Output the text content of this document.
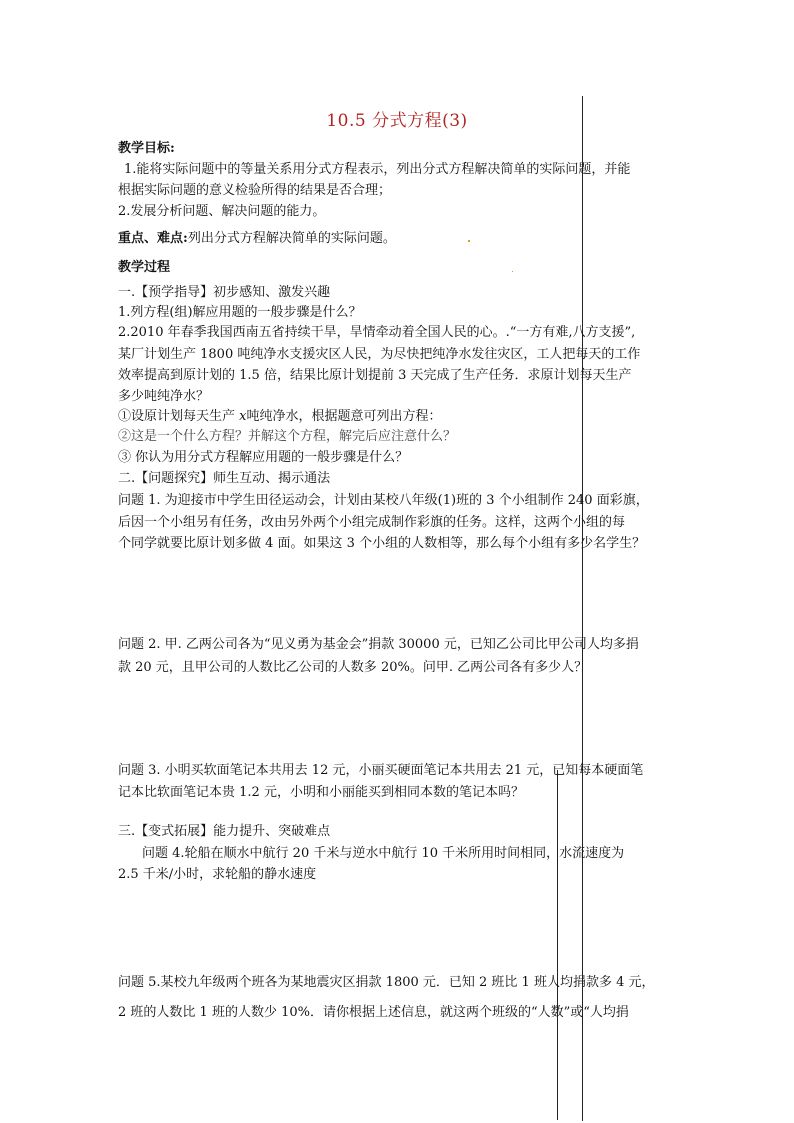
10.5 分式方程(3)
教学目标:
1.能将实际问题中的等量关系用分式方程表示，列出分式方程解决简单的实际问题，并能
根据实际问题的意义检验所得的结果是否合理；
2.发展分析问题、解决问题的能力。
重点、难点:列出分式方程解决简单的实际问题。
教学过程
一.【预学指导】初步感知、激发兴趣
1.列方程(组)解应用题的一般步骤是什么？
2.2010 年春季我国西南五省持续干旱，旱情牵动着全国人民的心。.“一方有难,八方支援”,
某厂计划生产 1800 吨纯净水支援灾区人民，为尽快把纯净水发往灾区，工人把每天的工作
效率提高到原计划的 1.5 倍，结果比原计划提前 3 天完成了生产任务．求原计划每天生产
多少吨纯净水？
①设原计划每天生产 x吨纯净水，根据题意可列出方程：
②这是一个什么方程？并解这个方程，解完后应注意什么？
③ 你认为用分式方程解应用题的一般步骤是什么？
二.【问题探究】师生互动、揭示通法
问题 1. 为迎接市中学生田径运动会，计划由某校八年级(1)班的 3 个小组制作 240 面彩旗，
后因一个小组另有任务，改由另外两个小组完成制作彩旗的任务。这样，这两个小组的每
个同学就要比原计划多做 4 面。如果这 3 个小组的人数相等，那么每个小组有多少名学生？
问题 2. 甲. 乙两公司各为“见义勇为基金会”捐款 30000 元，已知乙公司比甲公司人均多捐
款 20 元，且甲公司的人数比乙公司的人数多 20%。问甲. 乙两公司各有多少人？
问题 3. 小明买软面笔记本共用去 12 元，小丽买硬面笔记本共用去 21 元，已知每本硬面笔
记本比软面笔记本贵 1.2 元，小明和小丽能买到相同本数的笔记本吗？
三.【变式拓展】能力提升、突破难点
问题 4.轮船在顺水中航行 20 千米与逆水中航行 10 千米所用时间相同，水流速度为
2.5 千米/小时，求轮船的静水速度
问题 5.某校九年级两个班各为某地震灾区捐款 1800 元．已知 2 班比 1 班人均捐款多 4 元，
2 班的人数比 1 班的人数少 10%．请你根据上述信息，就这两个班级的“人数”或“人均捐
